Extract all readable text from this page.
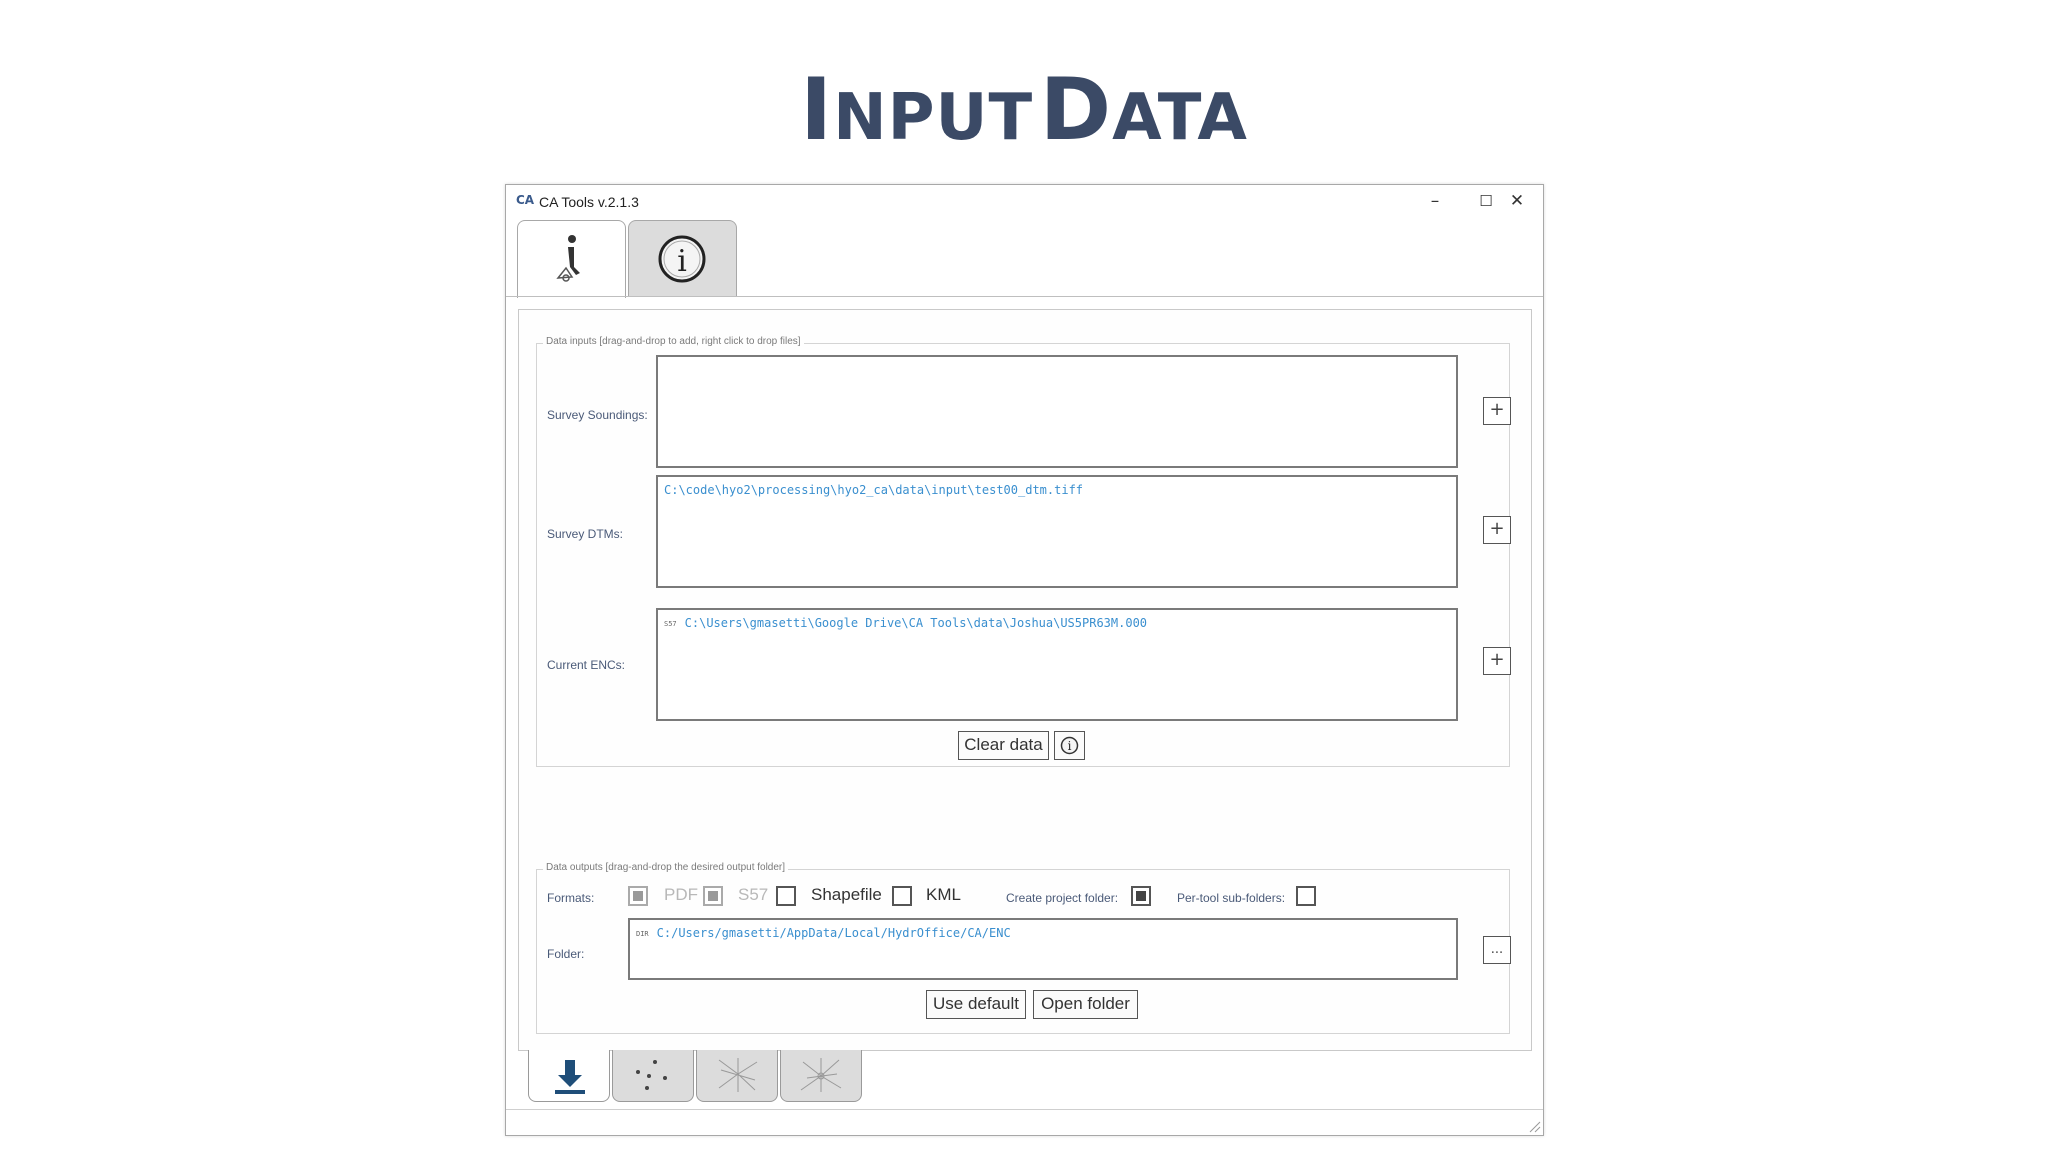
INPUT DATA
CA CA Tools v.2.1.3	–	☐	✕
i
Data inputs [drag-and-drop to add, right click to drop files]
Survey Soundings:	+
Survey DTMs:
C:\code\hyo2\processing\hyo2_ca\data\input\test00_dtm.tiff
+
Current ENCs:
S57 C:\Users\gmasetti\Google Drive\CA Tools\data\Joshua\US5PR63M.000
+
Clear data	i
Data outputs [drag-and-drop the desired output folder]
Formats:	PDF S57	Shapefile	KML	Create project folder:	Per-tool sub-folders:
Folder:
DIR C:/Users/gmasetti/AppData/Local/HydrOffice/CA/ENC
...
Use default	Open folder
